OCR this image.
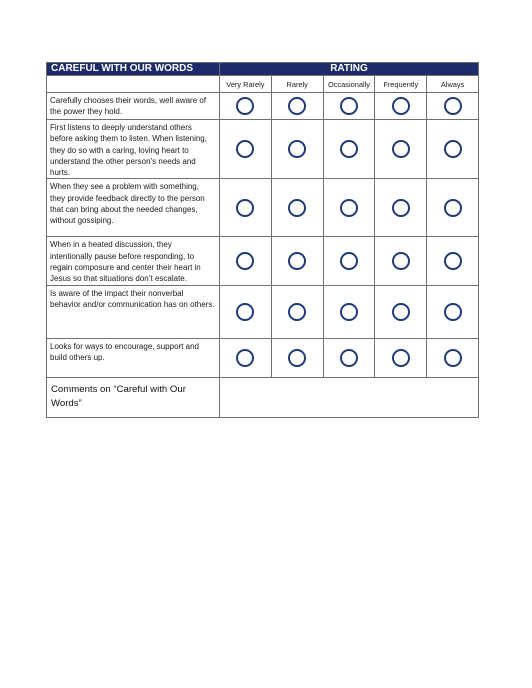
CAREFUL WITH OUR WORDS	RATING				
	Very Rarely	Rarely	Occasionally	Frequently	Always
Carefully chooses their words, well aware of the power they hold.					
First listens to deeply understand others before asking them to listen. When listening, they do so with a caring, loving heart to understand the other person’s needs and hurts.					
When they see a problem with something, they provide feedback directly to the person that can bring about the needed changes, without gossiping.					
When in a heated discussion, they intentionally pause before responding, to regain composure and center their heart in Jesus so that situations don’t escalate.					
Is aware of the impact their nonverbal behavior and/or communication has on others.					
Looks for ways to encourage, support and build others up.					
Comments on “Careful with Our Words”					
